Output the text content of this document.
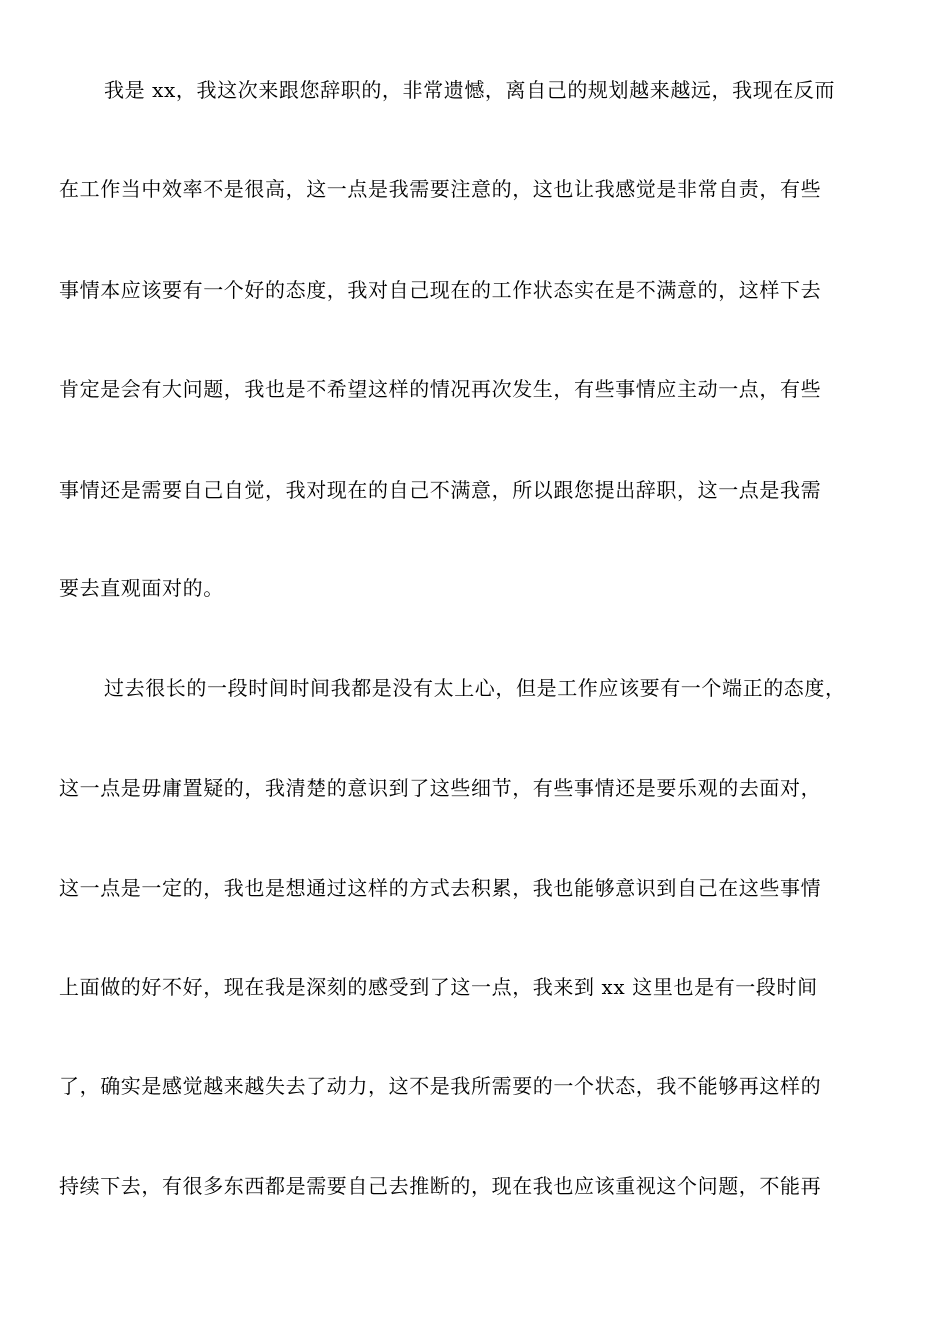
我是 xx，我这次来跟您辞职的，非常遗憾，离自己的规划越来越远，我现在反而
在工作当中效率不是很高，这一点是我需要注意的，这也让我感觉是非常自责，有些
事情本应该要有一个好的态度，我对自己现在的工作状态实在是不满意的，这样下去
肯定是会有大问题，我也是不希望这样的情况再次发生，有些事情应主动一点，有些
事情还是需要自己自觉，我对现在的自己不满意，所以跟您提出辞职，这一点是我需
要去直观面对的。
过去很长的一段时间时间我都是没有太上心，但是工作应该要有一个端正的态度，
这一点是毋庸置疑的，我清楚的意识到了这些细节，有些事情还是要乐观的去面对，
这一点是一定的，我也是想通过这样的方式去积累，我也能够意识到自己在这些事情
上面做的好不好，现在我是深刻的感受到了这一点，我来到 xx 这里也是有一段时间
了，确实是感觉越来越失去了动力，这不是我所需要的一个状态，我不能够再这样的
持续下去，有很多东西都是需要自己去推断的，现在我也应该重视这个问题，不能再
